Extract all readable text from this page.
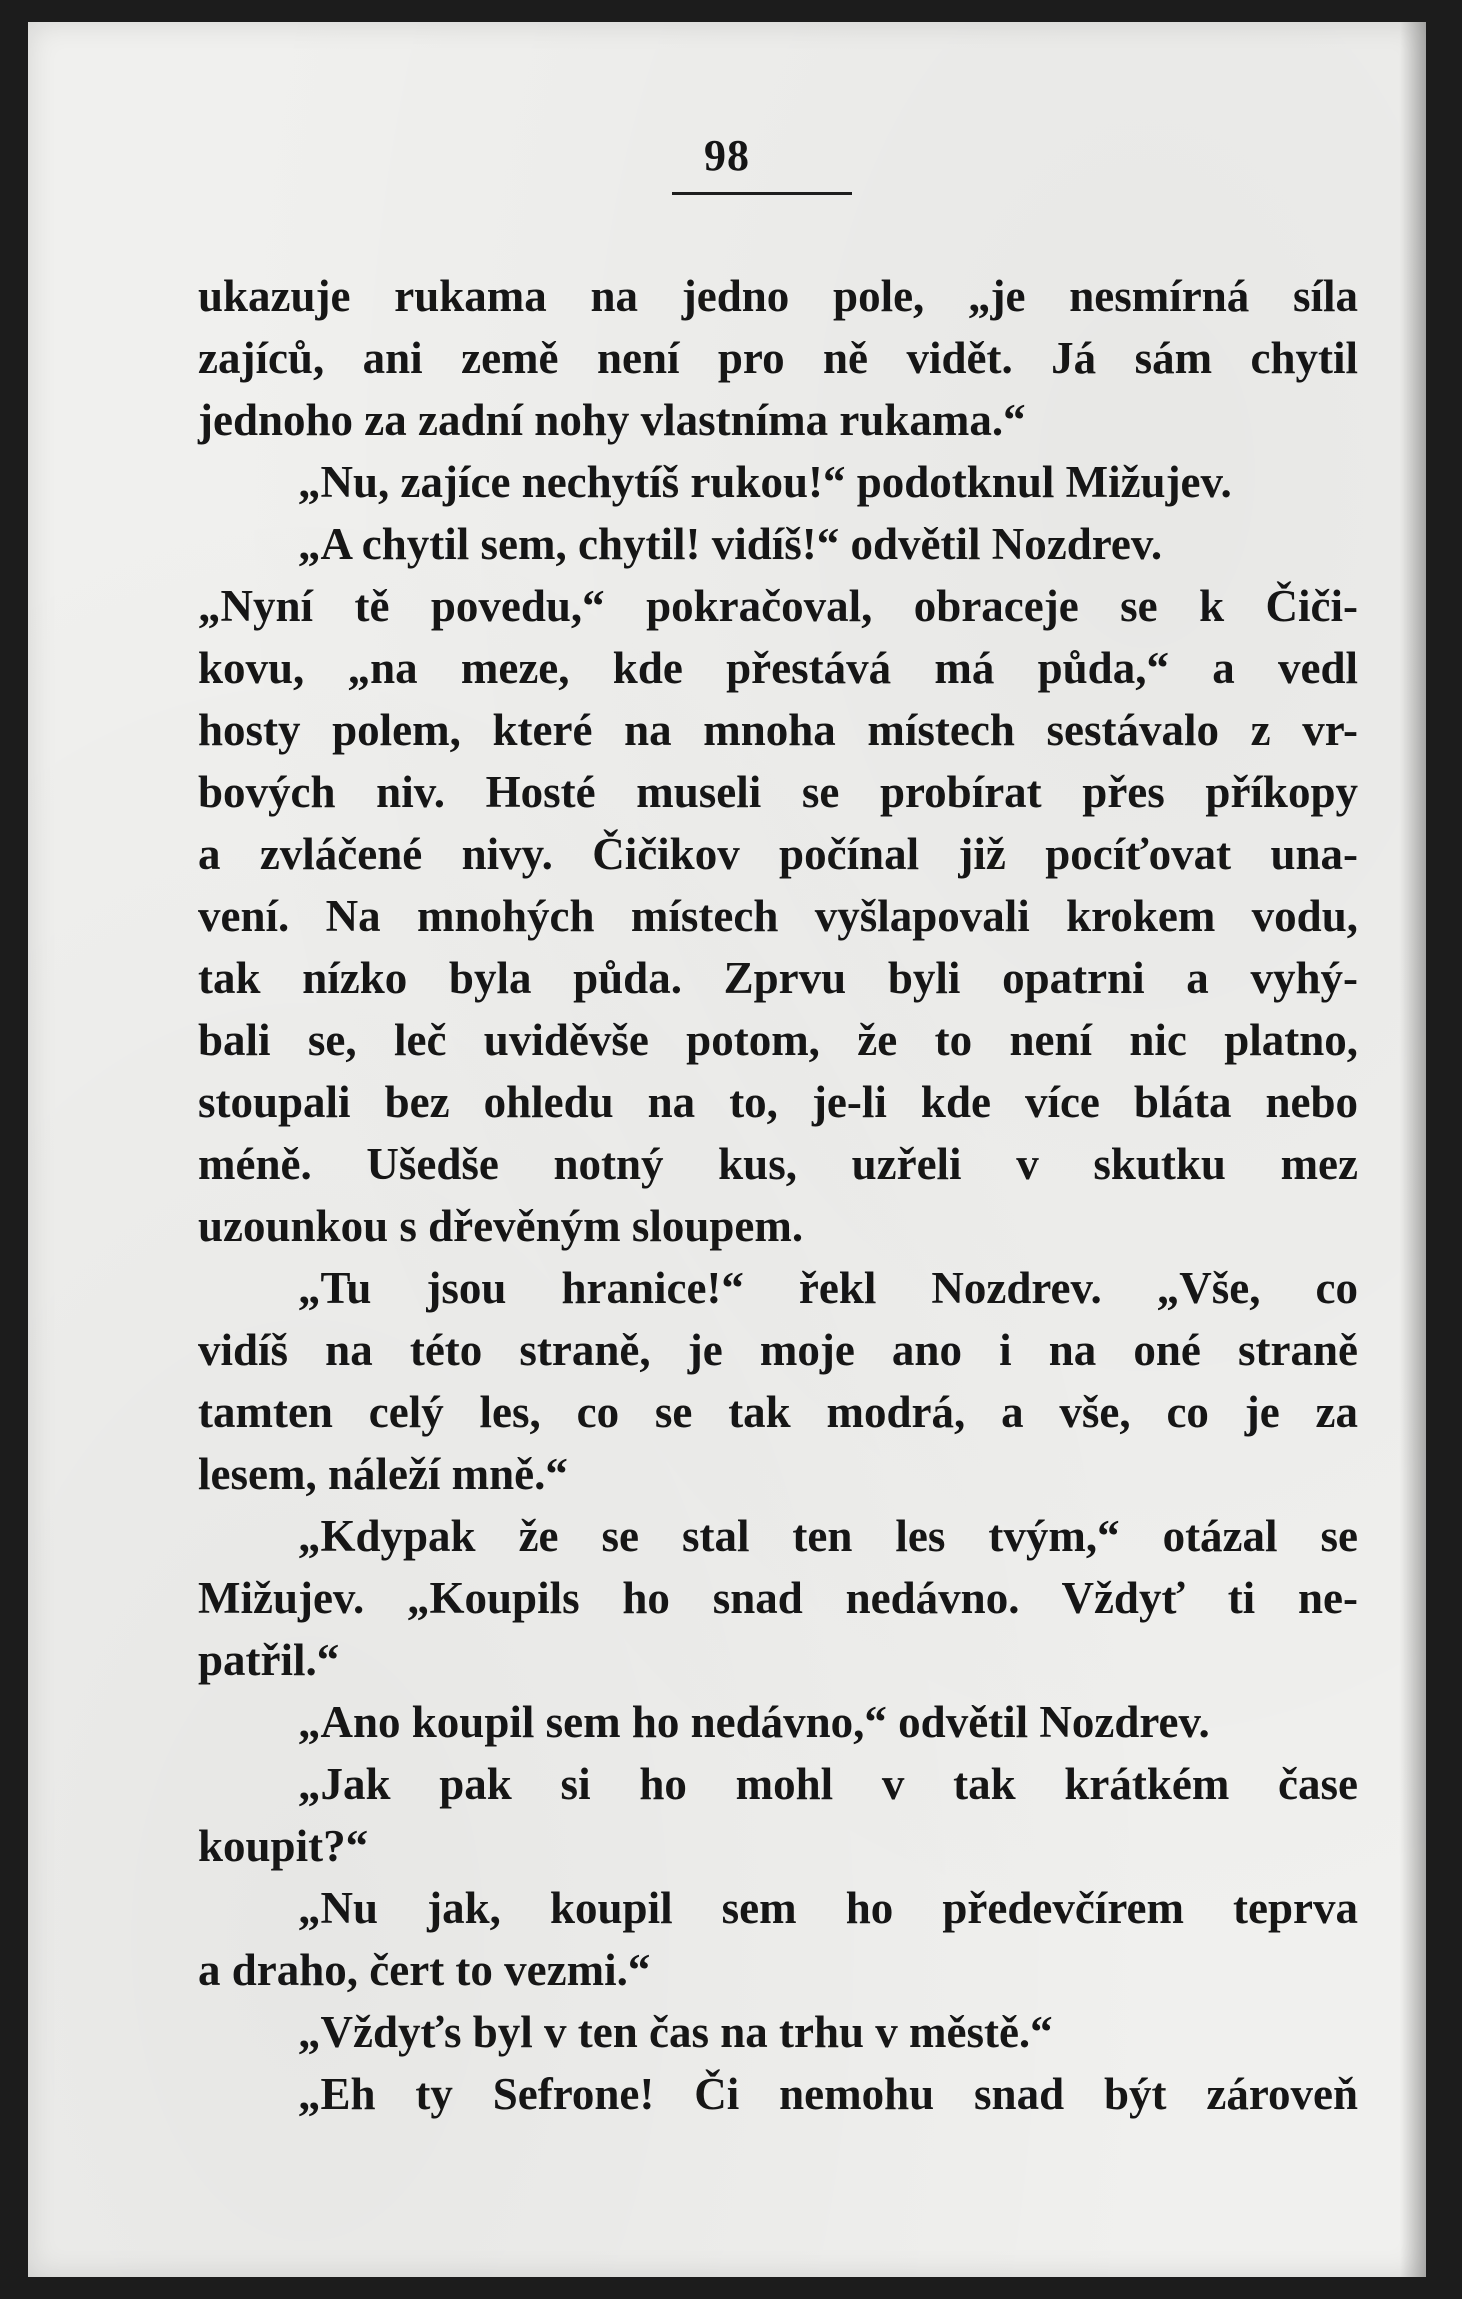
98
ukazuje rukama na jedno pole, „je nesmírná síla
zajíců, ani země není pro ně vidět. Já sám chytil
jednoho za zadní nohy vlastníma rukama.“
„Nu, zajíce nechytíš rukou!“ podotknul Mižujev.
„A chytil sem, chytil! vidíš!“ odvětil Nozdrev.
„Nyní tě povedu,“ pokračoval, obraceje se k Čiči-
kovu, „na meze, kde přestává má půda,“ a vedl
hosty polem, které na mnoha místech sestávalo z vr-
bových niv. Hosté museli se probírat přes příkopy
a zvláčené nivy. Čičikov počínal již pocíťovat una-
vení. Na mnohých místech vyšlapovali krokem vodu,
tak nízko byla půda. Zprvu byli opatrni a vyhý-
bali se, leč uviděvše potom, že to není nic platno,
stoupali bez ohledu na to, je-li kde více bláta nebo
méně. Ušedše notný kus, uzřeli v skutku mez
uzounkou s dřevěným sloupem.
„Tu jsou hranice!“ řekl Nozdrev. „Vše, co
vidíš na této straně, je moje ano i na oné straně
tamten celý les, co se tak modrá, a vše, co je za
lesem, náleží mně.“
„Kdypak že se stal ten les tvým,“ otázal se
Mižujev. „Koupils ho snad nedávno. Vždyť ti ne-
patřil.“
„Ano koupil sem ho nedávno,“ odvětil Nozdrev.
„Jak pak si ho mohl v tak krátkém čase
koupit?“
„Nu jak, koupil sem ho předevčírem teprva
a draho, čert to vezmi.“
„Vždyťs byl v ten čas na trhu v městě.“
„Eh ty Sefrone! Či nemohu snad být zároveň
